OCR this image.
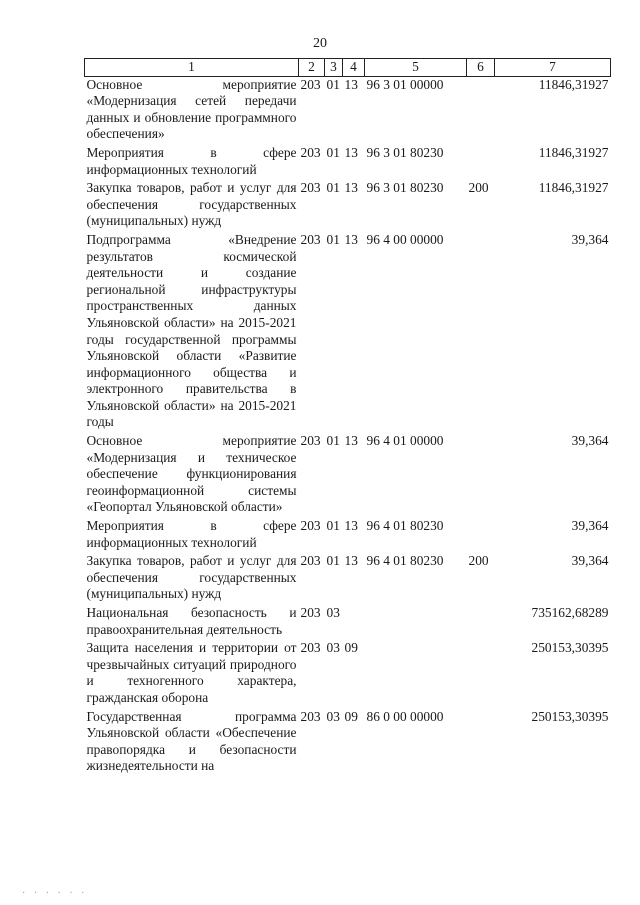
20
1	2	3	4	5	6	7
Основное мероприятие «Модернизация сетей передачи данных и обновление программного обеспечения»	203	01	13	96 3 01 00000		11846,31927
Мероприятия в сфере информационных технологий	203	01	13	96 3 01 80230		11846,31927
Закупка товаров, работ и услуг для обеспечения государственных (муниципальных) нужд	203	01	13	96 3 01 80230	200	11846,31927
Подпрограмма «Внедрение результатов космической деятельности и создание региональной инфраструктуры пространственных данных Ульяновской области» на 2015-2021 годы государственной программы Ульяновской области «Развитие информационного общества и электронного правительства в Ульяновской области» на 2015-2021 годы	203	01	13	96 4 00 00000		39,364
Основное мероприятие «Модернизация и техническое обеспечение функционирования геоинформационной системы «Геопортал Ульяновской области»	203	01	13	96 4 01 00000		39,364
Мероприятия в сфере информационных технологий	203	01	13	96 4 01 80230		39,364
Закупка товаров, работ и услуг для обеспечения государственных (муниципальных) нужд	203	01	13	96 4 01 80230	200	39,364
Национальная безопасность и правоохранительная деятельность	203	03				735162,68289
Защита населения и территории от чрезвычайных ситуаций природного и техногенного характера, гражданская оборона	203	03	09			250153,30395
Государственная программа Ульяновской области «Обеспечение правопорядка и безопасности жизнедеятельности на	203	03	09	86 0 00 00000		250153,30395
· · · · · ·
